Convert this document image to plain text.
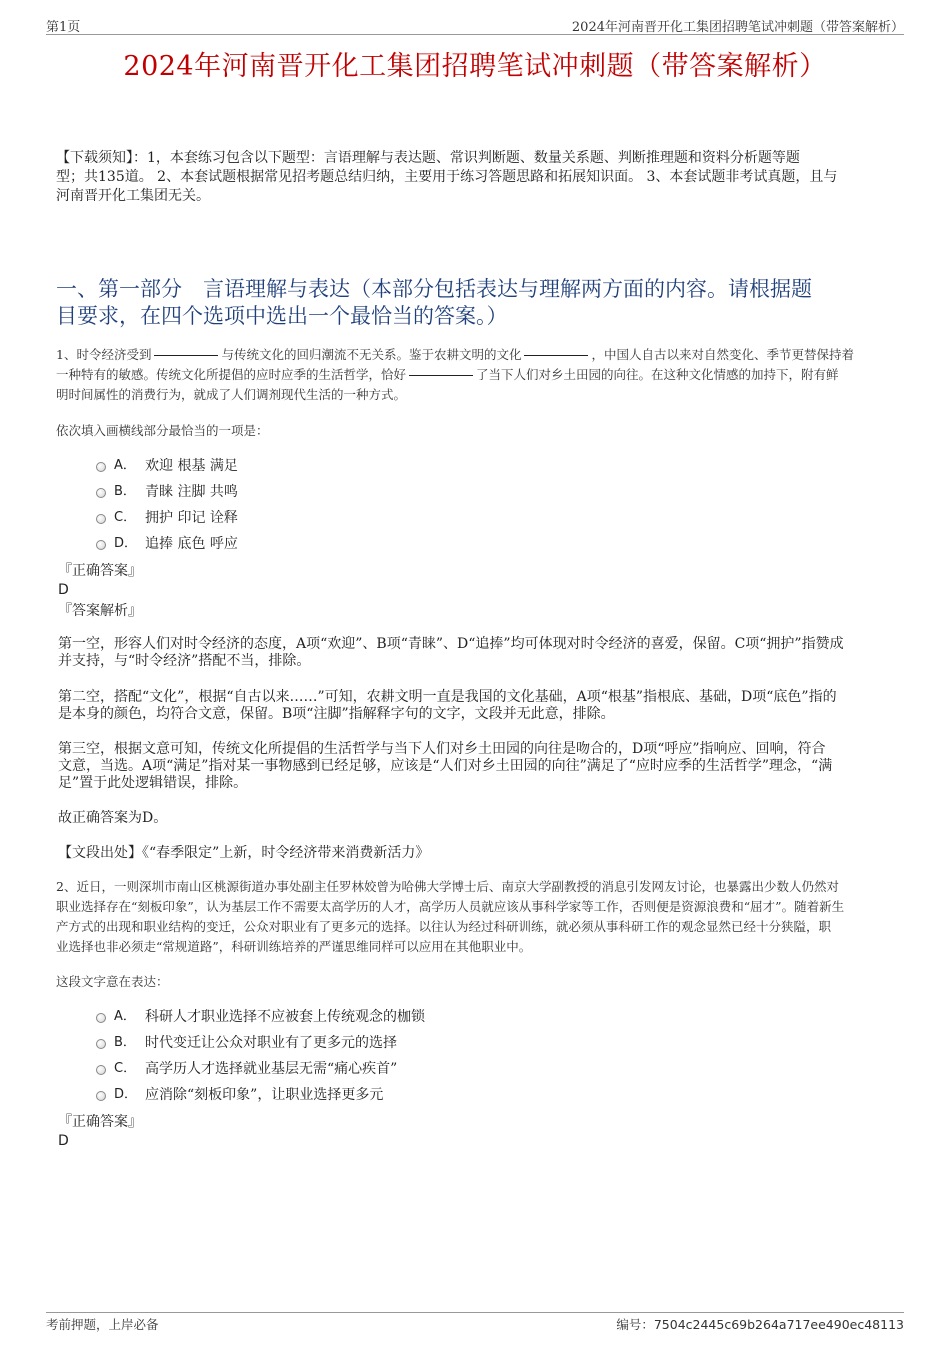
第1页	2024年河南晋开化工集团招聘笔试冲刺题（带答案解析）
2024年河南晋开化工集团招聘笔试冲刺题（带答案解析）
【下载须知】：1，本套练习包含以下题型：言语理解与表达题、常识判断题、数量关系题、判断推理题和资料分析题等题
型；共135道。 2、本套试题根据常见招考题总结归纳，主要用于练习答题思路和拓展知识面。 3、本套试题非考试真题，且与
河南晋开化工集团无关。
一、第一部分　言语理解与表达（本部分包括表达与理解两方面的内容。请根据题
目要求，在四个选项中选出一个最恰当的答案。）
1、时令经济受到	与传统文化的回归潮流不无关系。鉴于农耕文明的文化	，中国人自古以来对自然变化、季节更替保持着
一种特有的敏感。传统文化所提倡的应时应季的生活哲学，恰好	了当下人们对乡土田园的向往。在这种文化情感的加持下，附有鲜
明时间属性的消费行为，就成了人们调剂现代生活的一种方式。
依次填入画横线部分最恰当的一项是：
A． 欢迎 根基 满足
B． 青睐 注脚 共鸣
C． 拥护 印记 诠释
D． 追捧 底色 呼应
『正确答案』
D
『答案解析』
第一空，形容人们对时令经济的态度，A项“欢迎”、B项“青睐”、D“追捧”均可体现对时令经济的喜爱，保留。C项“拥护”指赞成
并支持，与“时令经济”搭配不当，排除。
第二空，搭配“文化”，根据“自古以来……”可知，农耕文明一直是我国的文化基础，A项“根基”指根底、基础，D项“底色”指的
是本身的颜色，均符合文意，保留。B项“注脚”指解释字句的文字，文段并无此意，排除。
第三空，根据文意可知，传统文化所提倡的生活哲学与当下人们对乡土田园的向往是吻合的，D项“呼应”指响应、回响，符合
文意，当选。A项“满足”指对某一事物感到已经足够，应该是“人们对乡土田园的向往”满足了“应时应季的生活哲学”理念，“满
足”置于此处逻辑错误，排除。
故正确答案为D。
【文段出处】《“春季限定”上新，时令经济带来消费新活力》
2、近日，一则深圳市南山区桃源街道办事处副主任罗林姣曾为哈佛大学博士后、南京大学副教授的消息引发网友讨论，也暴露出少数人仍然对
职业选择存在“刻板印象”，认为基层工作不需要太高学历的人才，高学历人员就应该从事科学家等工作，否则便是资源浪费和“屈才”。随着新生
产方式的出现和职业结构的变迁，公众对职业有了更多元的选择。以往认为经过科研训练，就必须从事科研工作的观念显然已经十分狭隘，职
业选择也非必须走“常规道路”，科研训练培养的严谨思维同样可以应用在其他职业中。
这段文字意在表达：
A． 科研人才职业选择不应被套上传统观念的枷锁
B． 时代变迁让公众对职业有了更多元的选择
C． 高学历人才选择就业基层无需“痛心疾首”
D． 应消除“刻板印象”，让职业选择更多元
『正确答案』
D
考前押题，上岸必备	编号：7504c2445c69b264a717ee490ec48113
